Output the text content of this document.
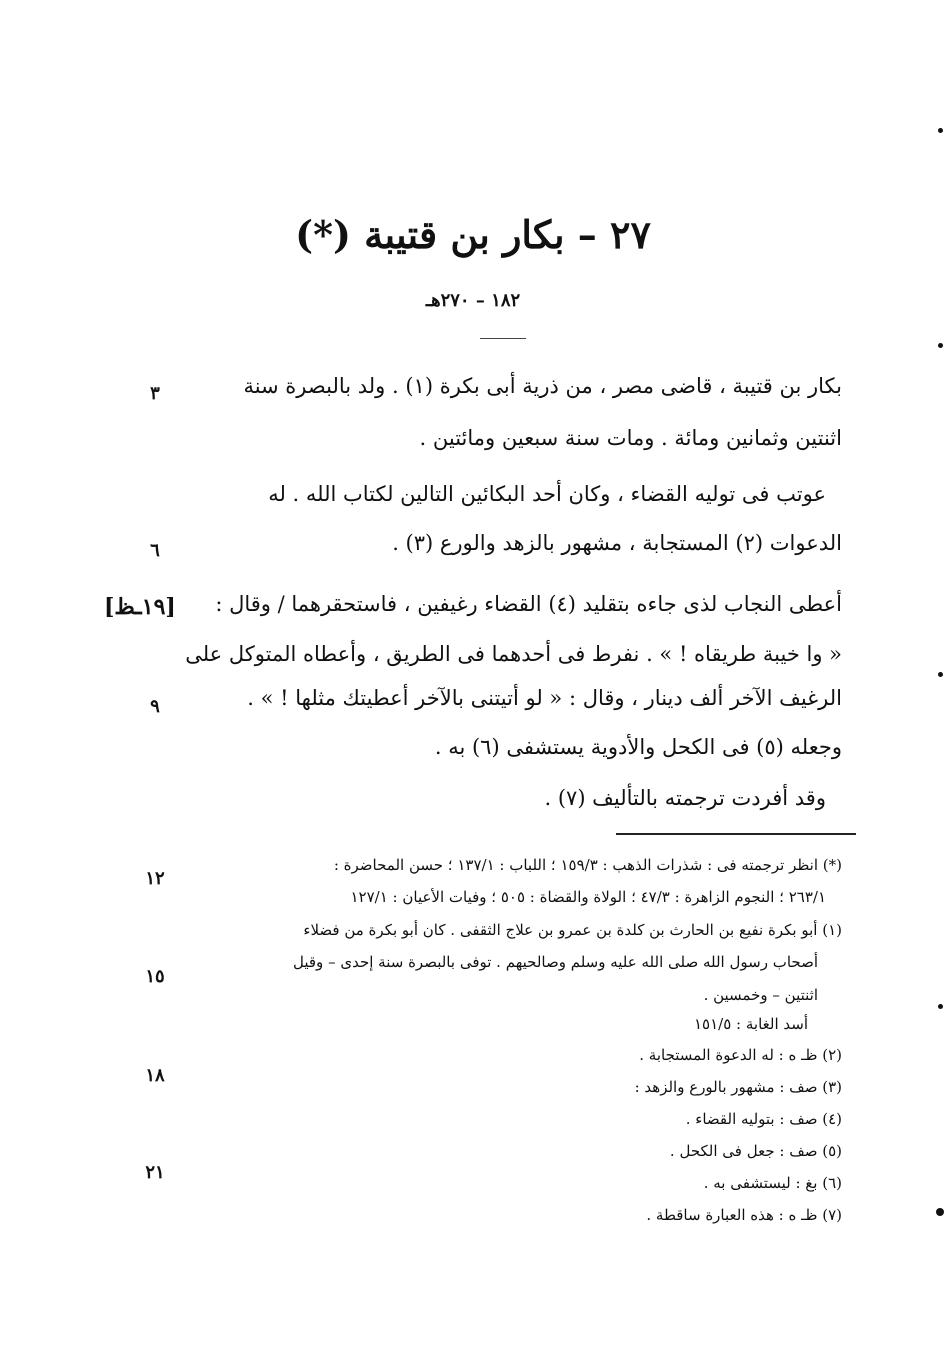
٢٧ – بكار بن قتيبة (*)
١٨٢ – ٢٧٠هـ
بكار بن قتيبة ، قاضى مصر ، من ذرية أبى بكرة (١) . ولد بالبصرة سنة
اثنتين وثمانين ومائة . ومات سنة سبعين ومائتين .
عوتب فى توليه القضاء ، وكان أحد البكائين التالين لكتاب الله . له
الدعوات (٢) المستجابة ، مشهور بالزهد والورع (٣) .
أعطى النجاب لذى جاءه بتقليد (٤) القضاء رغيفين ، فاستحقرهما / وقال :
« وا خيبة طريقاه ! » . نفرط فى أحدهما فى الطريق ، وأعطاه المتوكل على
الرغيف الآخر ألف دينار ، وقال : « لو أتيتنى بالآخر أعطيتك مثلها ! » .
وجعله (٥) فى الكحل والأدوية يستشفى (٦) به .
وقد أفردت ترجمته بالتأليف (٧) .
٣
٦
٩
[١٩ـظ]
(*) انظر ترجمته فى : شذرات الذهب : ١٥٩/٣ ؛ اللباب : ١٣٧/١ ؛ حسن المحاضرة :
٢٦٣/١ ؛ النجوم الزاهرة : ٤٧/٣ ؛ الولاة والقضاة : ٥٠٥ ؛ وفيات الأعيان : ١٢٧/١
(١) أبو بكرة نفيع بن الحارث بن كلدة بن عمرو بن علاج الثقفى . كان أبو بكرة من فضلاء
أصحاب رسول الله صلى الله عليه وسلم وصالحيهم . توفى بالبصرة سنة إحدى – وقيل
اثنتين – وخمسين .
أسد الغابة : ١٥١/٥
(٢) ظـ ه : له الدعوة المستجابة .
(٣) صف : مشهور بالورع والزهد :
(٤) صف : بتوليه القضاء .
(٥) صف : جعل فى الكحل .
(٦) بغ : ليستشفى به .
(٧) ظـ ه : هذه العبارة ساقطة .
١٢
١٥
١٨
٢١
